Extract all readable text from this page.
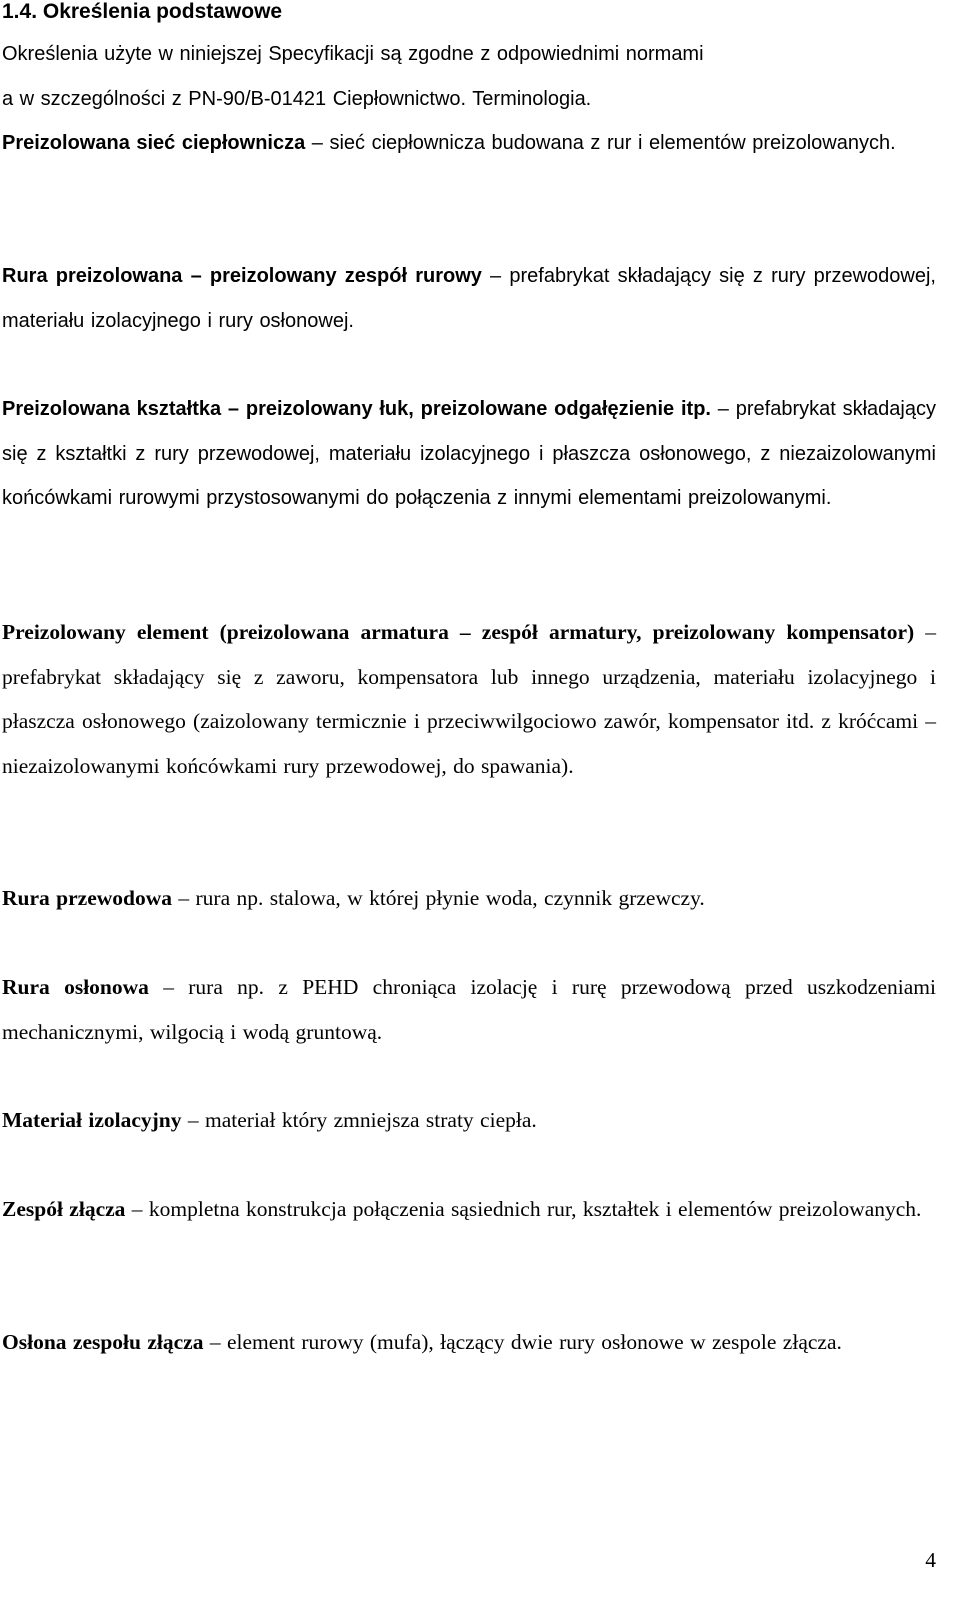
1.4. Określenia podstawowe

Określenia użyte w niniejszej Specyfikacji są zgodne z odpowiednimi normami
a w szczególności z PN-90/B-01421 Ciepłownictwo. Terminologia.

Preizolowana sieć ciepłownicza – sieć ciepłownicza budowana z rur i elementów preizolowanych.

Rura preizolowana – preizolowany zespół rurowy – prefabrykat składający się z rury przewodowej, materiału izolacyjnego i rury osłonowej.

Preizolowana kształtka – preizolowany łuk, preizolowane odgałęzienie itp. – prefabrykat składający się z kształtki z rury przewodowej, materiału izolacyjnego i płaszcza osłonowego, z niezaizolowanymi końcówkami rurowymi przystosowanymi do połączenia z innymi elementami preizolowanymi.

Preizolowany element (preizolowana armatura – zespół armatury, preizolowany kompensator) – prefabrykat składający się z zaworu, kompensatora lub innego urządzenia, materiału izolacyjnego i płaszcza osłonowego (zaizolowany termicznie i przeciwwilgociowo zawór, kompensator itd. z króćcami – niezaizolowanymi końcówkami rury przewodowej, do spawania).

Rura przewodowa – rura np. stalowa, w której płynie woda, czynnik grzewczy.

Rura osłonowa – rura np. z PEHD chroniąca izolację i rurę przewodową przed uszkodzeniami mechanicznymi, wilgocią i wodą gruntową.

Materiał izolacyjny – materiał który zmniejsza straty ciepła.

Zespół złącza – kompletna konstrukcja połączenia sąsiednich rur, kształtek i elementów preizolowanych.

Osłona zespołu złącza – element rurowy (mufa), łączący dwie rury osłonowe w zespole złącza.

4
